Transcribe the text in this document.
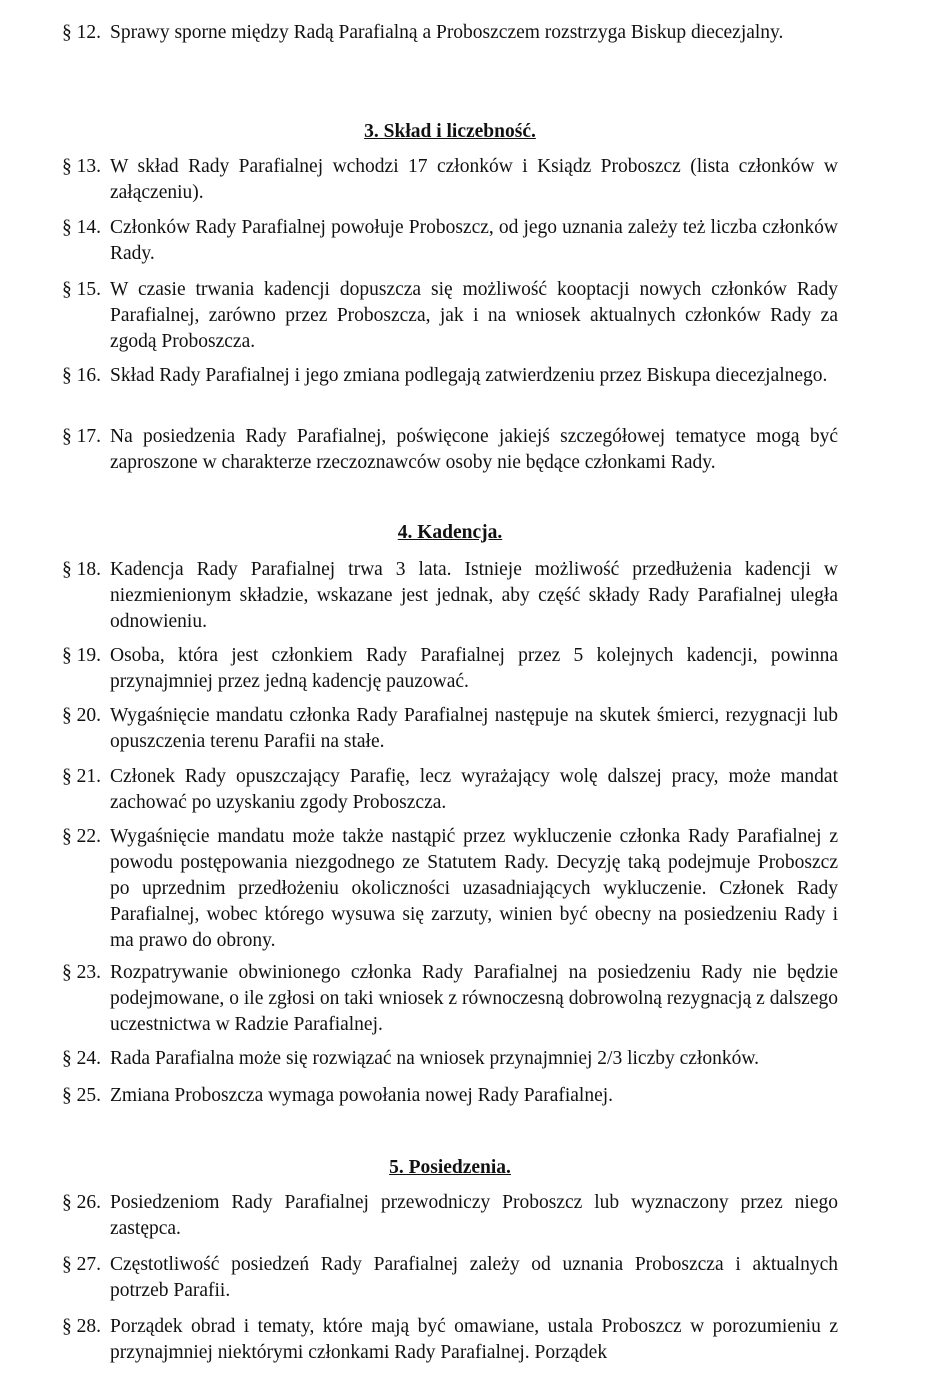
§ 12. Sprawy sporne między Radą Parafialną a Proboszczem rozstrzyga Biskup diecezjalny.
3. Skład i liczebność.
§ 13. W skład Rady Parafialnej wchodzi 17 członków i Ksiądz Proboszcz (lista członków w załączeniu).
§ 14. Członków Rady Parafialnej powołuje Proboszcz, od jego uznania zależy też liczba członków Rady.
§ 15. W czasie trwania kadencji dopuszcza się możliwość kooptacji nowych członków Rady Parafialnej, zarówno przez Proboszcza, jak i na wniosek aktualnych członków Rady za zgodą Proboszcza.
§ 16. Skład Rady Parafialnej i jego zmiana podlegają zatwierdzeniu przez Biskupa diecezjalnego.
§ 17. Na posiedzenia Rady Parafialnej, poświęcone jakiejś szczegółowej tematyce mogą być zaproszone w charakterze rzeczoznawców osoby nie będące członkami Rady.
4. Kadencja.
§ 18. Kadencja Rady Parafialnej trwa 3 lata. Istnieje możliwość przedłużenia kadencji w niezmienionym składzie, wskazane jest jednak, aby część składy Rady Parafialnej uległa odnowieniu.
§ 19. Osoba, która jest członkiem Rady Parafialnej przez 5 kolejnych kadencji, powinna przynajmniej przez jedną kadencję pauzować.
§ 20. Wygaśnięcie mandatu członka Rady Parafialnej następuje na skutek śmierci, rezygnacji lub opuszczenia terenu Parafii na stałe.
§ 21. Członek Rady opuszczający Parafię, lecz wyrażający wolę dalszej pracy, może mandat zachować po uzyskaniu zgody Proboszcza.
§ 22. Wygaśnięcie mandatu może także nastąpić przez wykluczenie członka Rady Parafialnej z powodu postępowania niezgodnego ze Statutem Rady. Decyzję taką podejmuje Proboszcz po uprzednim przedłożeniu okoliczności uzasadniających wykluczenie. Członek Rady Parafialnej, wobec którego wysuwa się zarzuty, winien być obecny na posiedzeniu Rady i ma prawo do obrony.
§ 23. Rozpatrywanie obwinionego członka Rady Parafialnej na posiedzeniu Rady nie będzie podejmowane, o ile zgłosi on taki wniosek z równoczesną dobrowolną rezygnacją z dalszego uczestnictwa w Radzie Parafialnej.
§ 24. Rada Parafialna może się rozwiązać na wniosek przynajmniej 2/3 liczby członków.
§ 25. Zmiana Proboszcza wymaga powołania nowej Rady Parafialnej.
5. Posiedzenia.
§ 26. Posiedzeniom Rady Parafialnej przewodniczy Proboszcz lub wyznaczony przez niego zastępca.
§ 27. Częstotliwość posiedzeń Rady Parafialnej zależy od uznania Proboszcza i aktualnych potrzeb Parafii.
§ 28. Porządek obrad i tematy, które mają być omawiane, ustala Proboszcz w porozumieniu z przynajmniej niektórymi członkami Rady Parafialnej. Porządek
